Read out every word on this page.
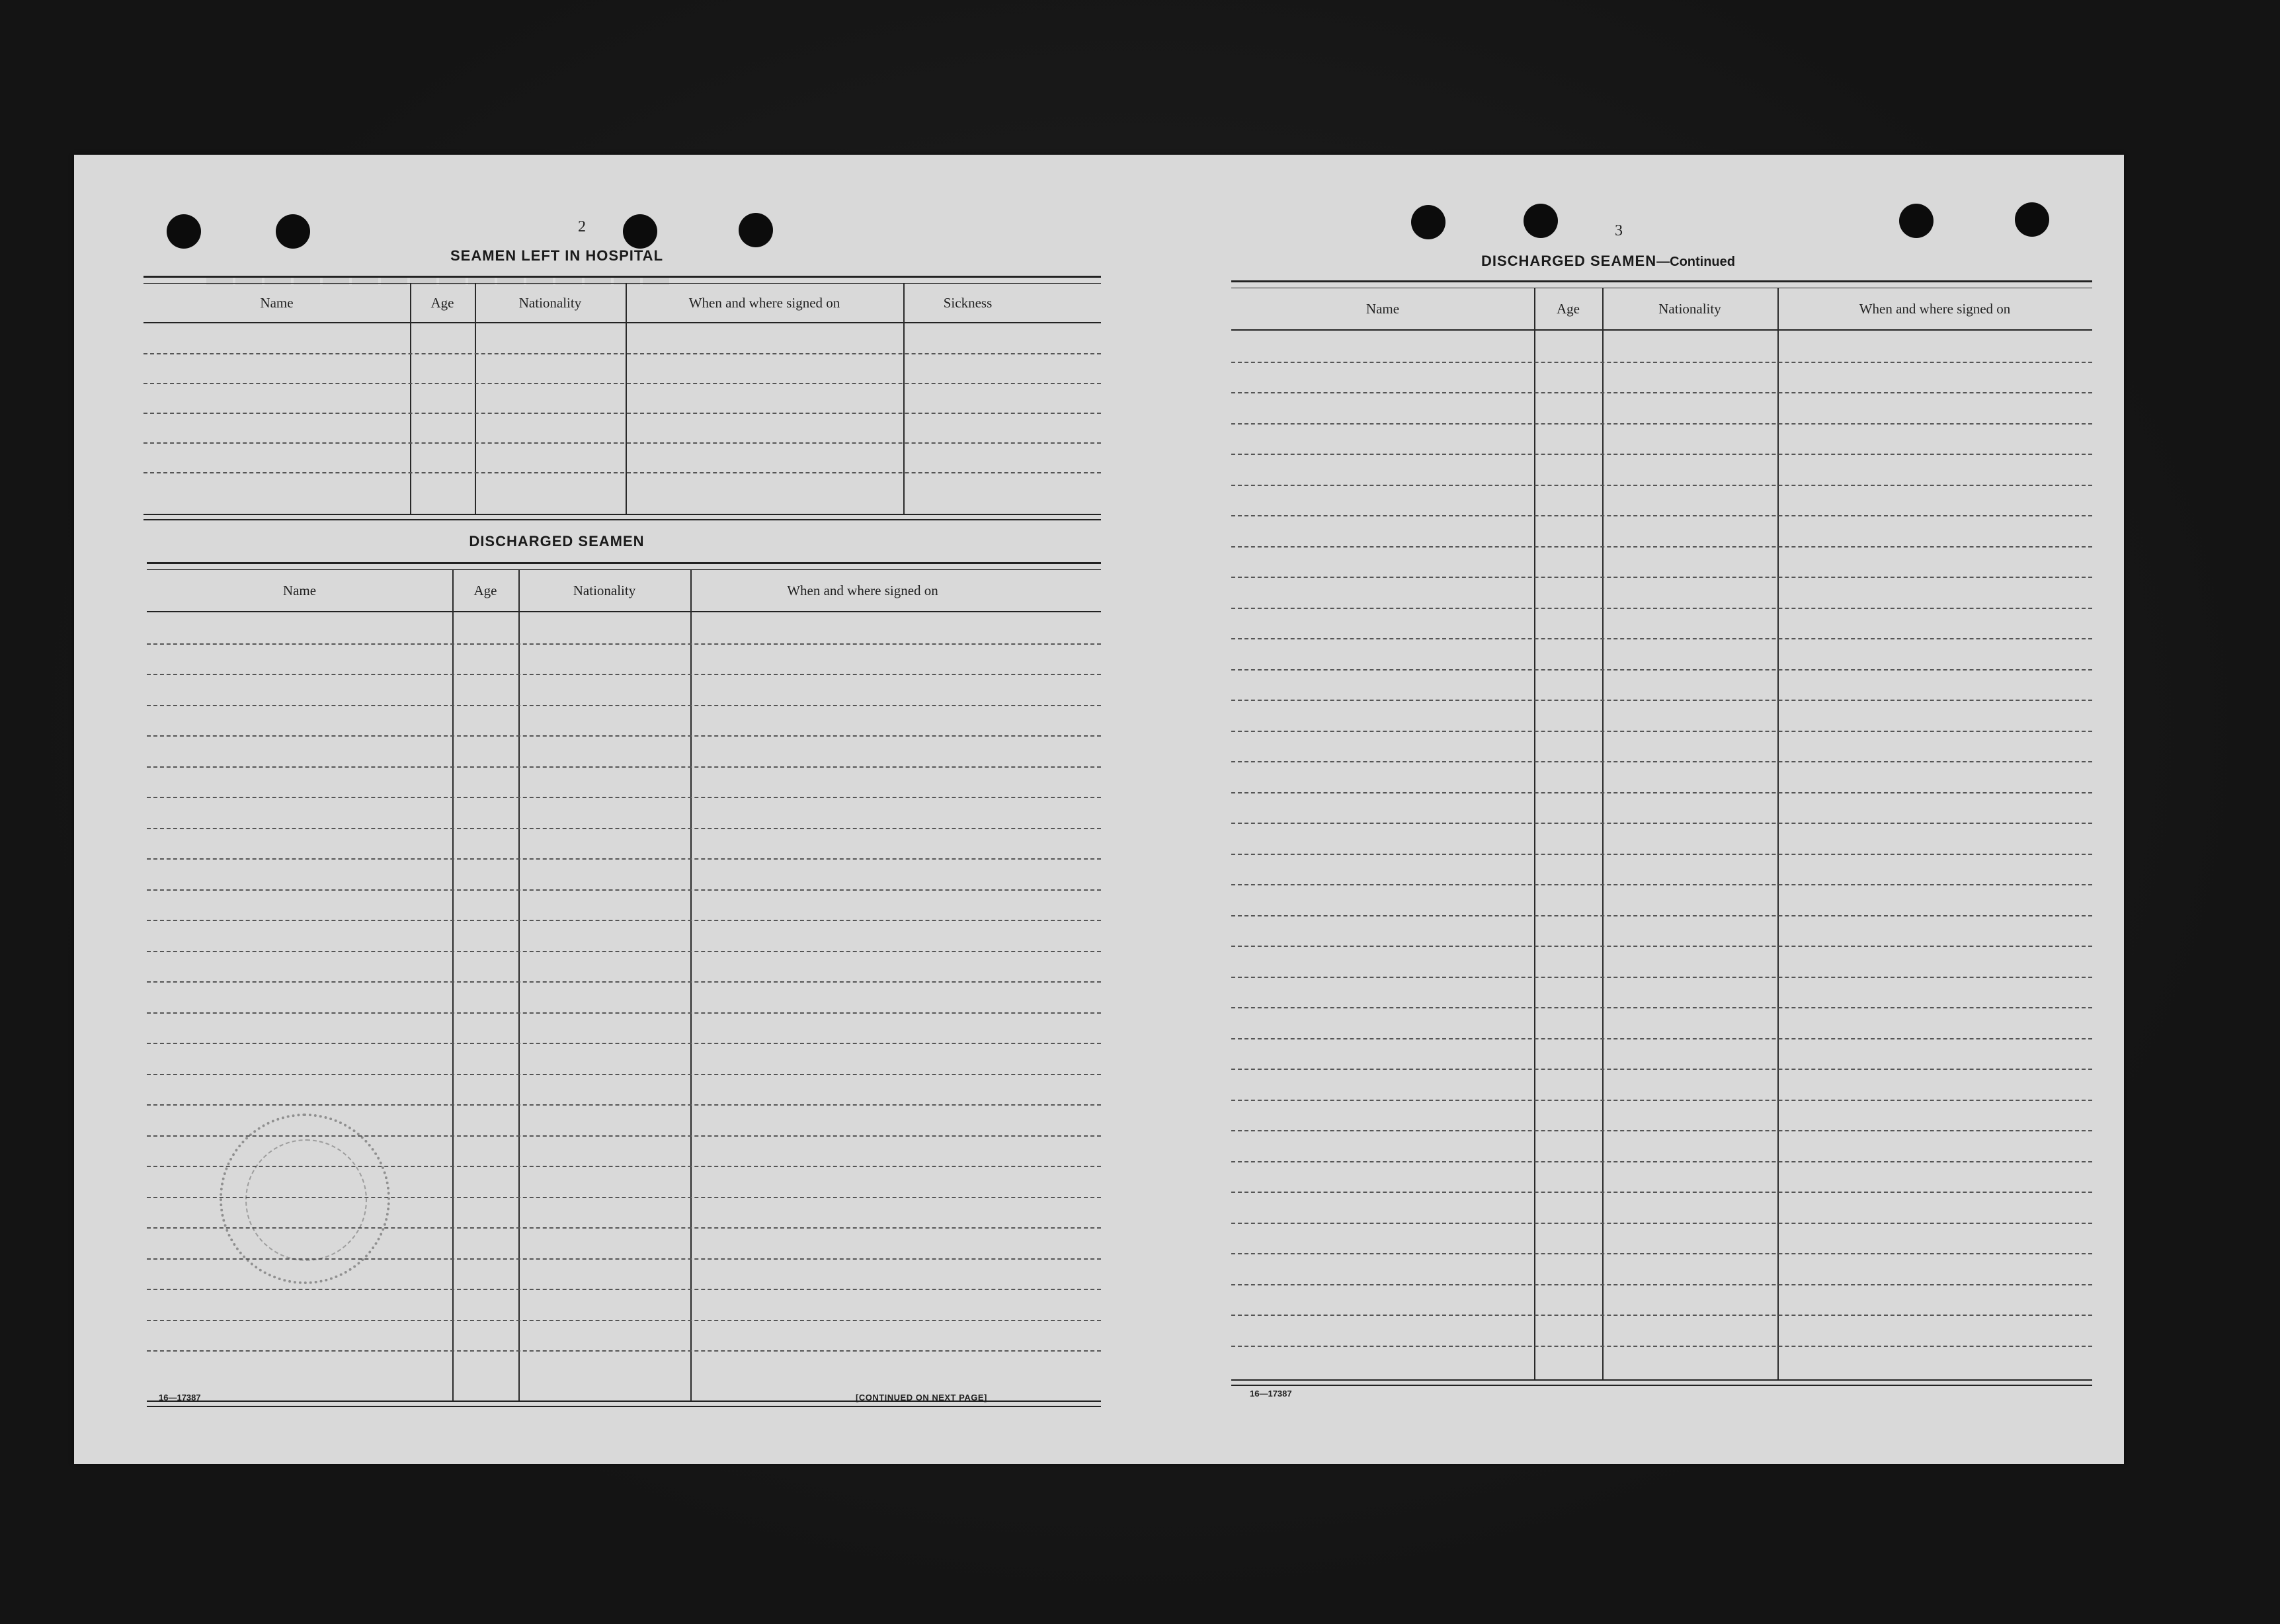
▬▬▬▬▬▬▬▬▬▬▬▬▬▬▬▬
2
SEAMEN LEFT IN HOSPITAL
Name	Age	Nationality	When and where signed on	Sickness
DISCHARGED SEAMEN
Name	Age	Nationality	When and where signed on
16—17387	[CONTINUED ON NEXT PAGE]
3
DISCHARGED SEAMEN—Continued
Name	Age	Nationality	When and where signed on
16—17387
